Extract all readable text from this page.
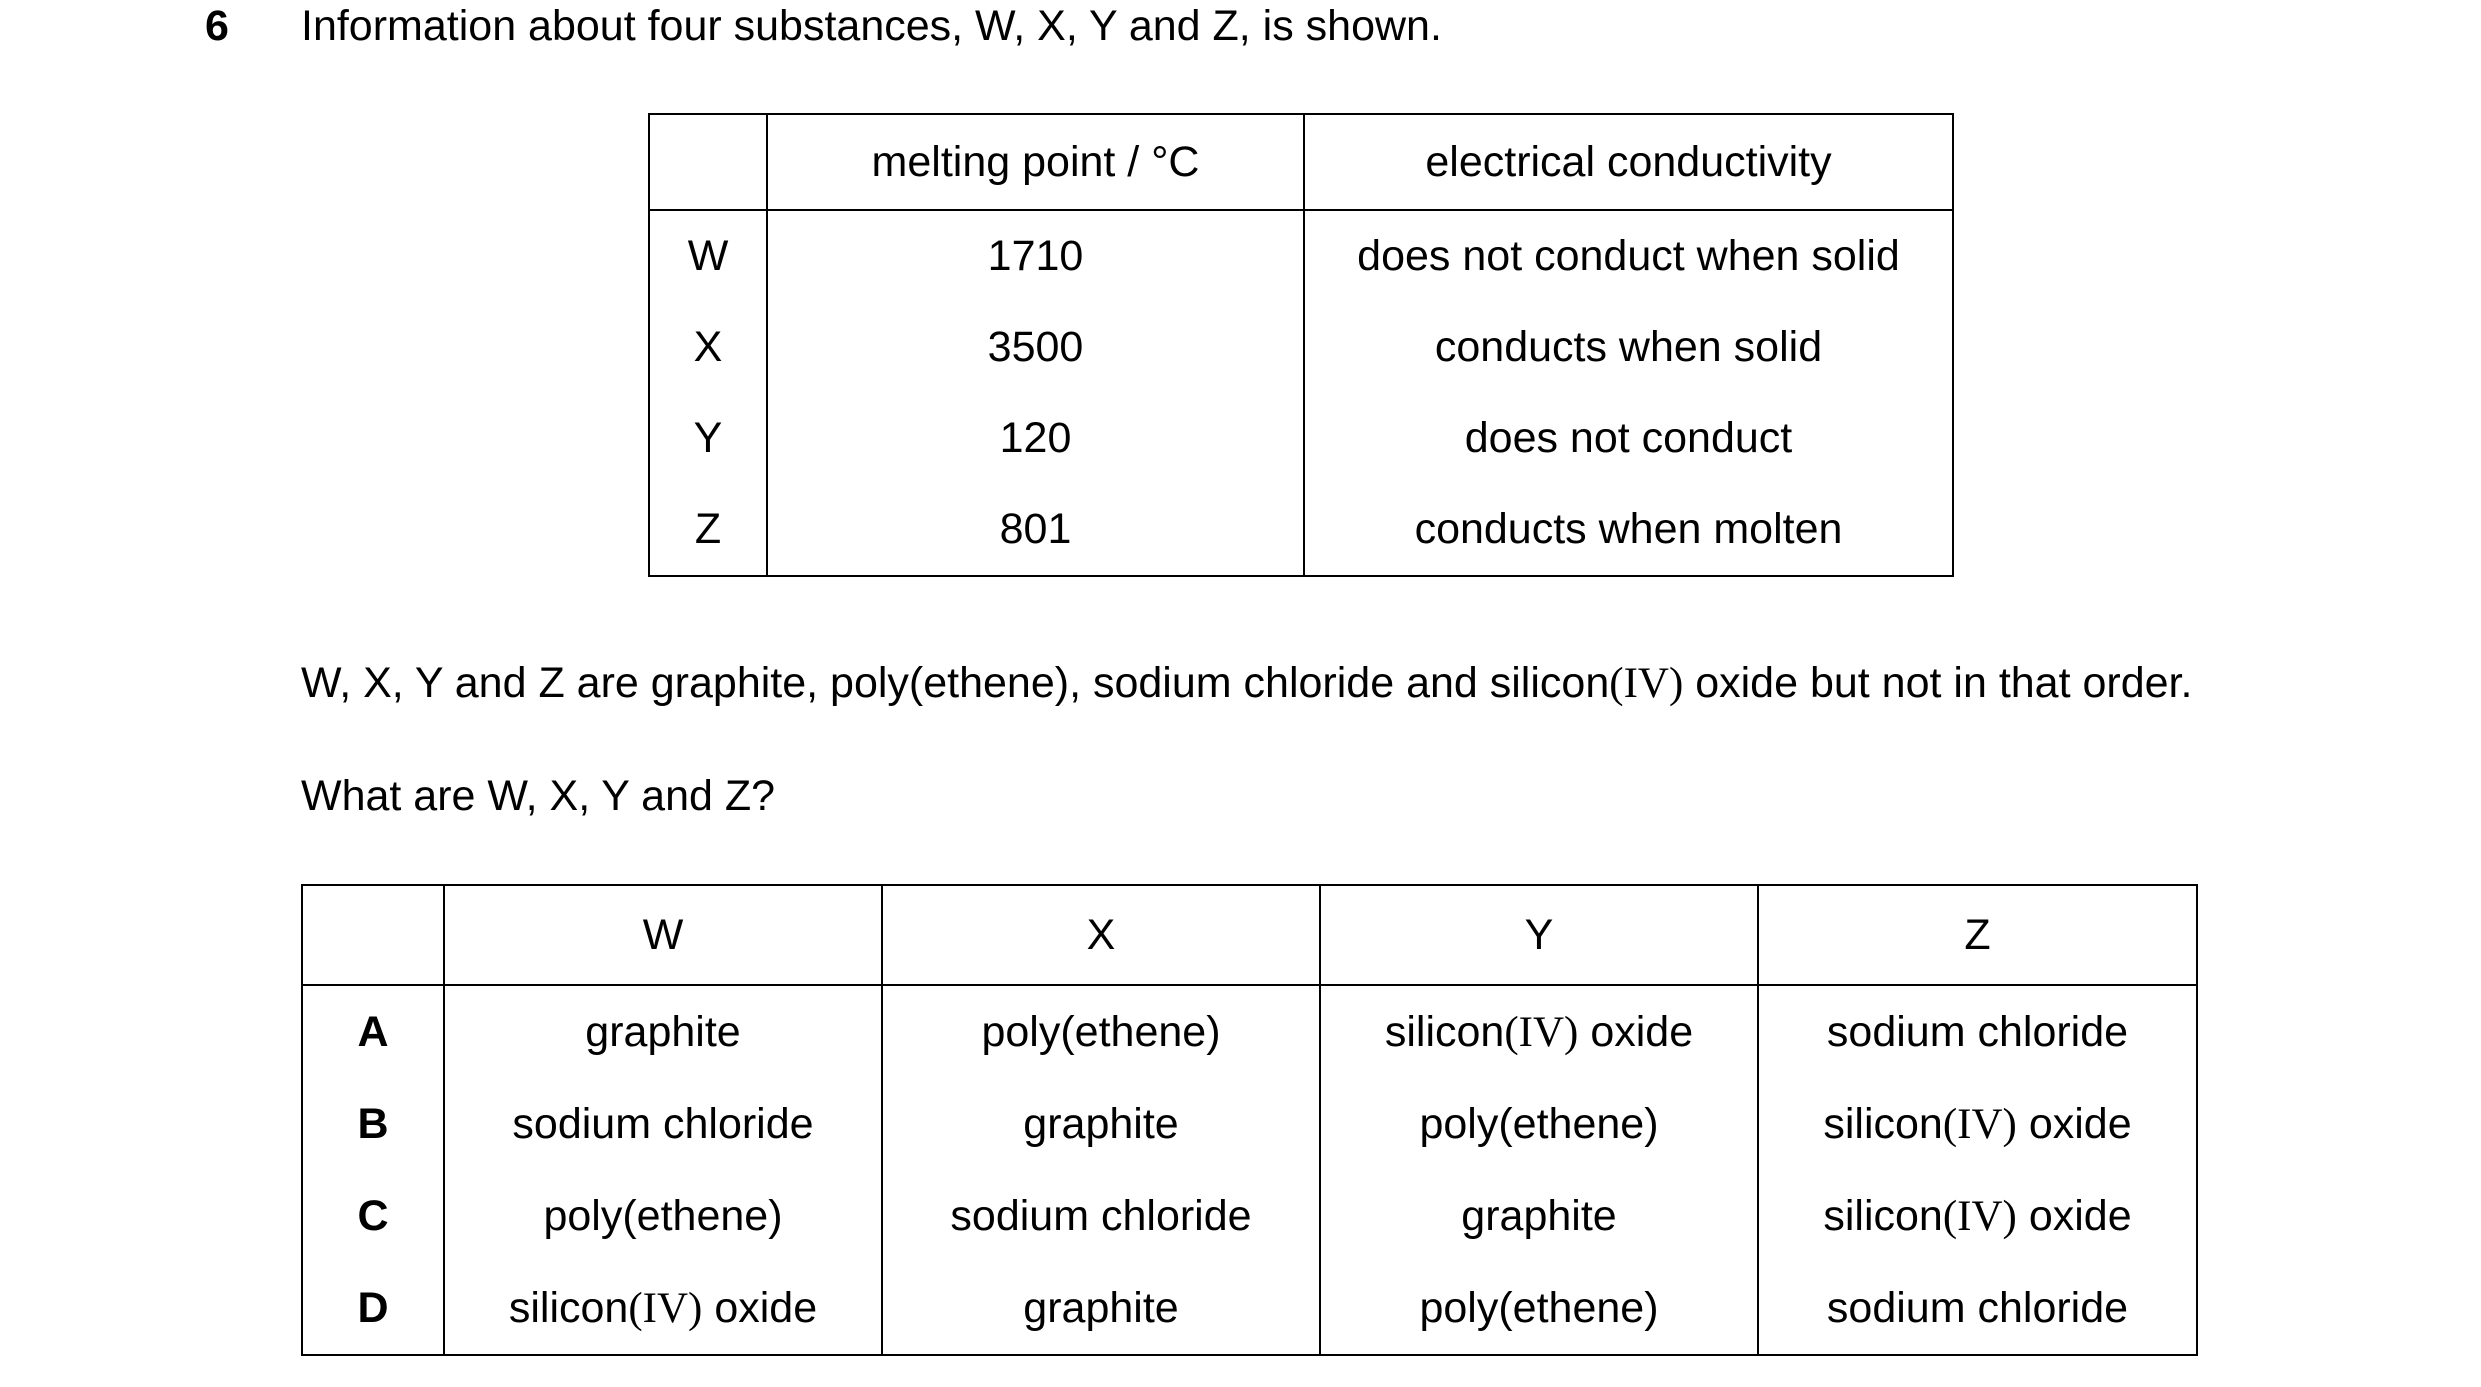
6 Information about four substances, W, X, Y and Z, is shown.
	melting point / °C	electrical conductivity
W	1710	does not conduct when solid
X	3500	conducts when solid
Y	120	does not conduct
Z	801	conducts when molten
W, X, Y and Z are graphite, poly(ethene), sodium chloride and silicon(IV) oxide but not in that order.
What are W, X, Y and Z?
	W	X	Y	Z
A	graphite	poly(ethene)	silicon(IV) oxide	sodium chloride
B	sodium chloride	graphite	poly(ethene)	silicon(IV) oxide
C	poly(ethene)	sodium chloride	graphite	silicon(IV) oxide
D	silicon(IV) oxide	graphite	poly(ethene)	sodium chloride
